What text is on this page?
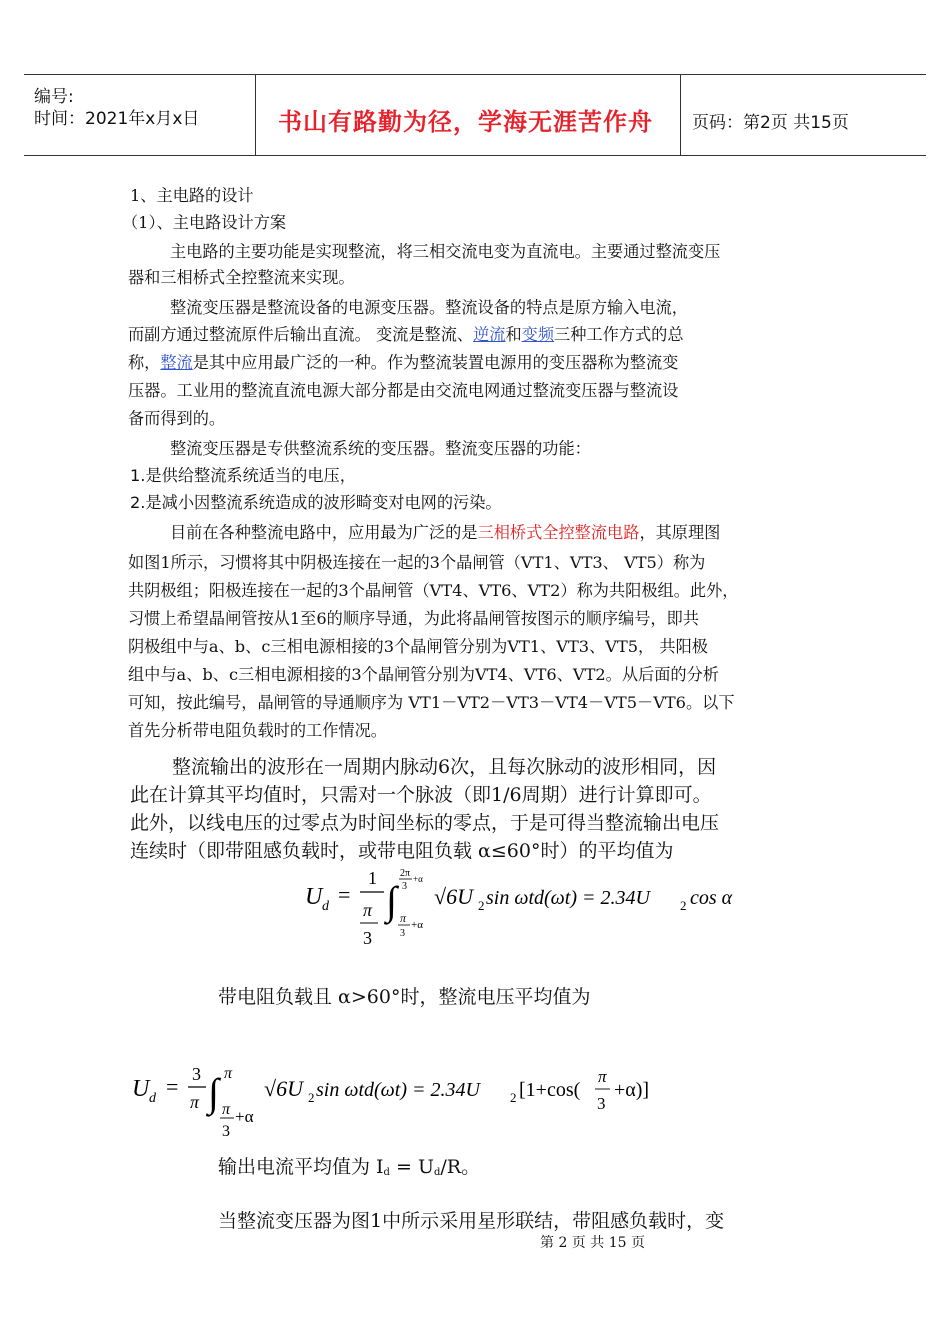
编号:
时间：2021年x月x日	书山有路勤为径，学海无涯苦作舟 页码：第2页 共15页
1、主电路的设计
（1）、主电路设计方案
主电路的主要功能是实现整流，将三相交流电变为直流电。主要通过整流变压
器和三相桥式全控整流来实现。
整流变压器是整流设备的电源变压器。整流设备的特点是原方输入电流，
而副方通过整流原件后输出直流。 变流是整流、逆流和变频三种工作方式的总
称，整流是其中应用最广泛的一种。作为整流装置电源用的变压器称为整流变
压器。工业用的整流直流电源大部分都是由交流电网通过整流变压器与整流设
备而得到的。
整流变压器是专供整流系统的变压器。整流变压器的功能：
1.是供给整流系统适当的电压，
2.是减小因整流系统造成的波形畸变对电网的污染。
目前在各种整流电路中，应用最为广泛的是三相桥式全控整流电路，其原理图
如图1所示，习惯将其中阴极连接在一起的3个晶闸管（VT1、VT3、 VT5）称为
共阴极组；阳极连接在一起的3个晶闸管（VT4、VT6、VT2）称为共阳极组。此外，
习惯上希望晶闸管按从1至6的顺序导通，为此将晶闸管按图示的顺序编号，即共
阴极组中与a、b、c三相电源相接的3个晶闸管分别为VT1、VT3、VT5， 共阳极
组中与a、b、c三相电源相接的3个晶闸管分别为VT4、VT6、VT2。从后面的分析
可知，按此编号，晶闸管的导通顺序为 VT1－VT2－VT3－VT4－VT5－VT6。以下
首先分析带电阻负载时的工作情况。
整流输出的波形在一周期内脉动6次，且每次脉动的波形相同，因
此在计算其平均值时，只需对一个脉波（即1/6周期）进行计算即可。
此外，以线电压的过零点为时间坐标的零点，于是可得当整流输出电压
连续时（即带阻感负载时，或带电阻负载 α≤60°时）的平均值为
U d =
1
π
3
∫
2π
3
+α
π
3
+α
√6U 2 sin ωtd(ωt) = 2.34U 2 cos α
带电阻负载且 α>60°时，整流电压平均值为
U d = 3
π ∫ π
π
3
+α
√6U 2 sin ωtd(ωt) = 2.34U 2 [1+cos(
π
3
+α)]
输出电流平均值为 $I_d = U_d/R$。
当整流变压器为图1中所示采用星形联结，带阻感负载时，变
第 2 页 共 15 页
